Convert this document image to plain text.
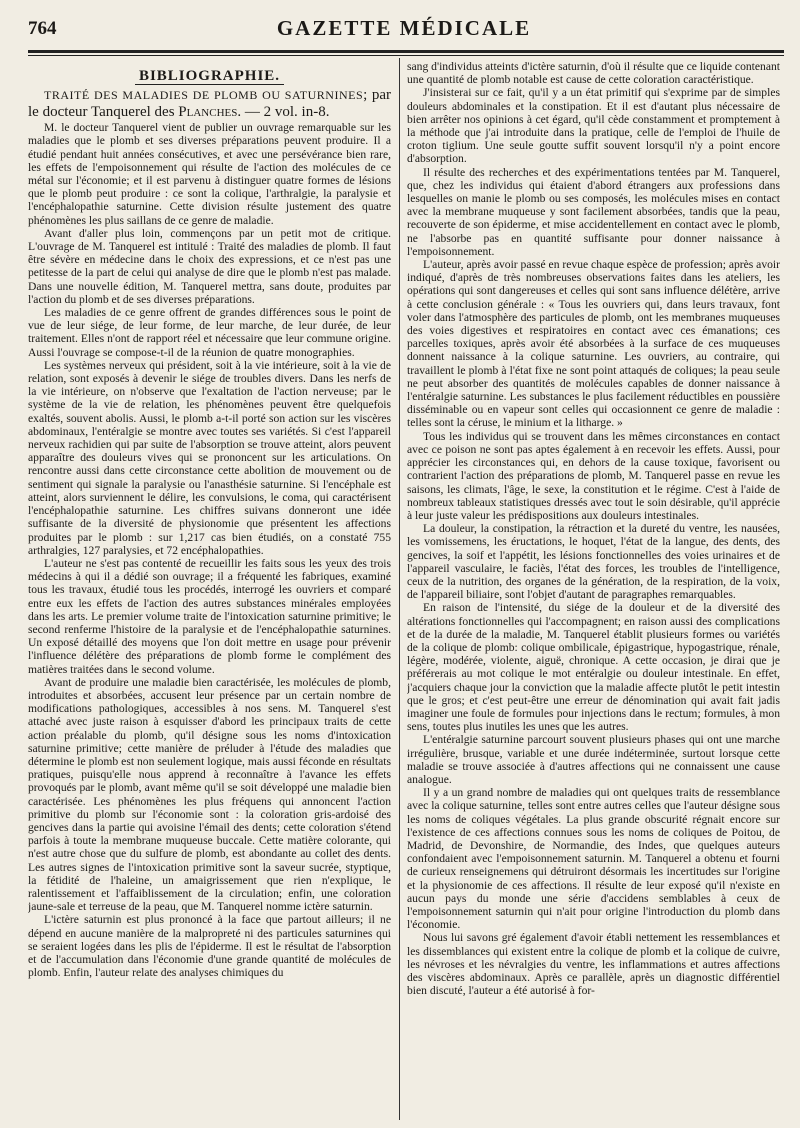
764	GAZETTE MÉDICALE
BIBLIOGRAPHIE.

TRAITÉ DES MALADIES DE PLOMB OU SATURNINES; par le docteur Tanquerel des Planches. — 2 vol. in-8.

M. le docteur Tanquerel vient de publier un ouvrage remarquable sur les maladies que le plomb et ses diverses préparations peuvent produire. Il a étudié pendant huit années consécutives, et avec une persévérance bien rare, les effets de l'empoisonnement qui résulte de l'action des molécules de ce métal sur l'économie; et il est parvenu à distinguer quatre formes de lésions que le plomb peut produire : ce sont la colique, l'arthralgie, la paralysie et l'encéphalopathie saturnine. Cette division résulte justement des quatre phénomènes les plus saillans de ce genre de maladie.

Avant d'aller plus loin, commençons par un petit mot de critique. L'ouvrage de M. Tanquerel est intitulé : Traité des maladies de plomb. Il faut être sévère en médecine dans le choix des expressions, et ce n'est pas une petitesse de la part de celui qui analyse de dire que le plomb n'est pas malade. Dans une nouvelle édition, M. Tanquerel mettra, sans doute, produites par l'action du plomb et de ses diverses préparations.

Les maladies de ce genre offrent de grandes différences sous le point de vue de leur siége, de leur forme, de leur marche, de leur durée, de leur traitement. Elles n'ont de rapport réel et nécessaire que leur commune origine. Aussi l'ouvrage se compose-t-il de la réunion de quatre monographies.

Les systèmes nerveux qui président, soit à la vie intérieure, soit à la vie de relation, sont exposés à devenir le siége de troubles divers. Dans les nerfs de la vie intérieure, on n'observe que l'exaltation de l'action nerveuse; par le système de la vie de relation, les phénomènes peuvent être quelquefois exaltés, souvent abolis. Aussi, le plomb a-t-il porté son action sur les viscères abdominaux, l'entéralgie se montre avec toutes ses variétés. Si c'est l'appareil nerveux rachidien qui par suite de l'absorption se trouve atteint, alors peuvent apparaître des douleurs vives qui se prononcent sur les articulations. On rencontre aussi dans cette circonstance cette abolition de mouvement ou de sentiment qui signale la paralysie ou l'anasthésie saturnine. Si l'encéphale est atteint, alors surviennent le délire, les convulsions, le coma, qui caractérisent l'encéphalopathie saturnine. Les chiffres suivans donneront une idée suffisante de la diversité de physionomie que présentent les affections produites par le plomb : sur 1,217 cas bien étudiés, on a constaté 755 arthralgies, 127 paralysies, et 72 encéphalopathies.

L'auteur ne s'est pas contenté de recueillir les faits sous les yeux des trois médecins à qui il a dédié son ouvrage; il a fréquenté les fabriques, examiné tous les travaux, étudié tous les procédés, interrogé les ouvriers et comparé entre eux les effets de l'action des autres substances minérales employées dans les arts. Le premier volume traite de l'intoxication saturnine primitive; le second renferme l'histoire de la paralysie et de l'encéphalopathie saturnines. Un exposé détaillé des moyens que l'on doit mettre en usage pour prévenir l'influence délétère des préparations de plomb forme le complément des matières traitées dans le second volume.

Avant de produire une maladie bien caractérisée, les molécules de plomb, introduites et absorbées, accusent leur présence par un certain nombre de modifications pathologiques, accessibles à nos sens. M. Tanquerel s'est attaché avec juste raison à esquisser d'abord les principaux traits de cette action préalable du plomb, qu'il désigne sous les noms d'intoxication saturnine primitive; cette manière de préluder à l'étude des maladies que détermine le plomb est non seulement logique, mais aussi féconde en résultats pratiques, puisqu'elle nous apprend à reconnaître à l'avance les effets provoqués par le plomb, avant même qu'il se soit développé une maladie bien caractérisée. Les phénomènes les plus fréquens qui annoncent l'action primitive du plomb sur l'économie sont : la coloration gris-ardoisé des gencives dans la partie qui avoisine l'émail des dents; cette coloration s'étend parfois à toute la membrane muqueuse buccale. Cette matière colorante, qui n'est autre chose que du sulfure de plomb, est abondante au collet des dents. Les autres signes de l'intoxication primitive sont la saveur sucrée, styptique, la fétidité de l'haleine, un amaigrissement que rien n'explique, le ralentissement et l'affaiblissement de la circulation; enfin, une coloration jaune-sale et terreuse de la peau, que M. Tanquerel nomme ictère saturnin.

L'ictère saturnin est plus prononcé à la face que partout ailleurs; il ne dépend en aucune manière de la malpropreté ni des particules saturnines qui se seraient logées dans les plis de l'épiderme. Il est le résultat de l'absorption et de l'accumulation dans l'économie d'une grande quantité de molécules de plomb. Enfin, l'auteur relate des analyses chimiques du

sang d'individus atteints d'ictère saturnin, d'où il résulte que ce liquide contenant une quantité de plomb notable est cause de cette coloration caractéristique.

J'insisterai sur ce fait, qu'il y a un état primitif qui s'exprime par de simples douleurs abdominales et la constipation. Et il est d'autant plus nécessaire de bien arrêter nos opinions à cet égard, qu'il cède constamment et promptement à la méthode que j'ai introduite dans la pratique, celle de l'emploi de l'huile de croton tiglium. Une seule goutte suffit souvent lorsqu'il n'y a point encore d'absorption.

Il résulte des recherches et des expérimentations tentées par M. Tanquerel, que, chez les individus qui étaient d'abord étrangers aux professions dans lesquelles on manie le plomb ou ses composés, les molécules mises en contact avec la membrane muqueuse y sont facilement absorbées, tandis que la peau, recouverte de son épiderme, et mise accidentellement en contact avec le plomb, ne l'absorbe pas en quantité suffisante pour donner naissance à l'empoisonnement.

L'auteur, après avoir passé en revue chaque espèce de profession; après avoir indiqué, d'après de très nombreuses observations faites dans les ateliers, les opérations qui sont dangereuses et celles qui sont sans influence délétère, arrive à cette conclusion générale : « Tous les ouvriers qui, dans leurs travaux, font voler dans l'atmosphère des particules de plomb, ont les membranes muqueuses des voies digestives et respiratoires en contact avec ces émanations; ces parcelles toxiques, après avoir été absorbées à la surface de ces muqueuses donnent naissance à la colique saturnine. Les ouvriers, au contraire, qui travaillent le plomb à l'état fixe ne sont point attaqués de coliques; la peau seule ne peut absorber des quantités de molécules capables de donner naissance à l'entéralgie saturnine. Les substances le plus facilement réductibles en poussière disséminable ou en vapeur sont celles qui occasionnent ce genre de maladie : telles sont la céruse, le minium et la litharge. »

Tous les individus qui se trouvent dans les mêmes circonstances en contact avec ce poison ne sont pas aptes également à en recevoir les effets. Aussi, pour apprécier les circonstances qui, en dehors de la cause toxique, favorisent ou contrarient l'action des préparations de plomb, M. Tanquerel passe en revue les saisons, les climats, l'âge, le sexe, la constitution et le régime. C'est à l'aide de nombreux tableaux statistiques dressés avec tout le soin désirable, qu'il apprécie à leur juste valeur les prédispositions aux douleurs intestinales.

La douleur, la constipation, la rétraction et la dureté du ventre, les nausées, les vomissemens, les éructations, le hoquet, l'état de la langue, des dents, des gencives, la soif et l'appétit, les lésions fonctionnelles des voies urinaires et de l'appareil vasculaire, le faciès, l'état des forces, les troubles de l'intelligence, ceux de la nutrition, des organes de la génération, de la respiration, de la voix, de l'appareil biliaire, sont l'objet d'autant de paragraphes remarquables.

En raison de l'intensité, du siége de la douleur et de la diversité des altérations fonctionnelles qui l'accompagnent; en raison aussi des complications et de la durée de la maladie, M. Tanquerel établit plusieurs formes ou variétés de la colique de plomb: colique ombilicale, épigastrique, hypogastrique, rénale, légère, modérée, violente, aiguë, chronique. A cette occasion, je dirai que je préférerais au mot colique le mot entéralgie ou douleur intestinale. En effet, j'acquiers chaque jour la conviction que la maladie affecte plutôt le petit intestin que le gros; et c'est peut-être une erreur de dénomination qui avait fait jadis imaginer une foule de formules pour injections dans le rectum; formules, à mon sens, toutes plus inutiles les unes que les autres.

L'entéralgie saturnine parcourt souvent plusieurs phases qui ont une marche irrégulière, brusque, variable et une durée indéterminée, surtout lorsque cette maladie se trouve associée à d'autres affections qui ne connaissent une cause analogue.

Il y a un grand nombre de maladies qui ont quelques traits de ressemblance avec la colique saturnine, telles sont entre autres celles que l'auteur désigne sous les noms de coliques végétales. La plus grande obscurité régnait encore sur l'existence de ces affections connues sous les noms de coliques de Poitou, de Madrid, de Devonshire, de Normandie, des Indes, que quelques auteurs confondaient avec l'empoisonnement saturnin. M. Tanquerel a obtenu et fourni de curieux renseignemens qui détruiront désormais les incertitudes sur l'origine et la physionomie de ces affections. Il résulte de leur exposé qu'il n'existe en aucun pays du monde une série d'accidens semblables à ceux de l'empoisonnement saturnin qui n'ait pour origine l'introduction du plomb dans l'économie.

Nous lui savons gré également d'avoir établi nettement les ressemblances et les dissemblances qui existent entre la colique de plomb et la colique de cuivre, les névroses et les névralgies du ventre, les inflammations et autres affections des viscères abdominaux. Après ce parallèle, après un diagnostic différentiel bien discuté, l'auteur a été autorisé à for-
